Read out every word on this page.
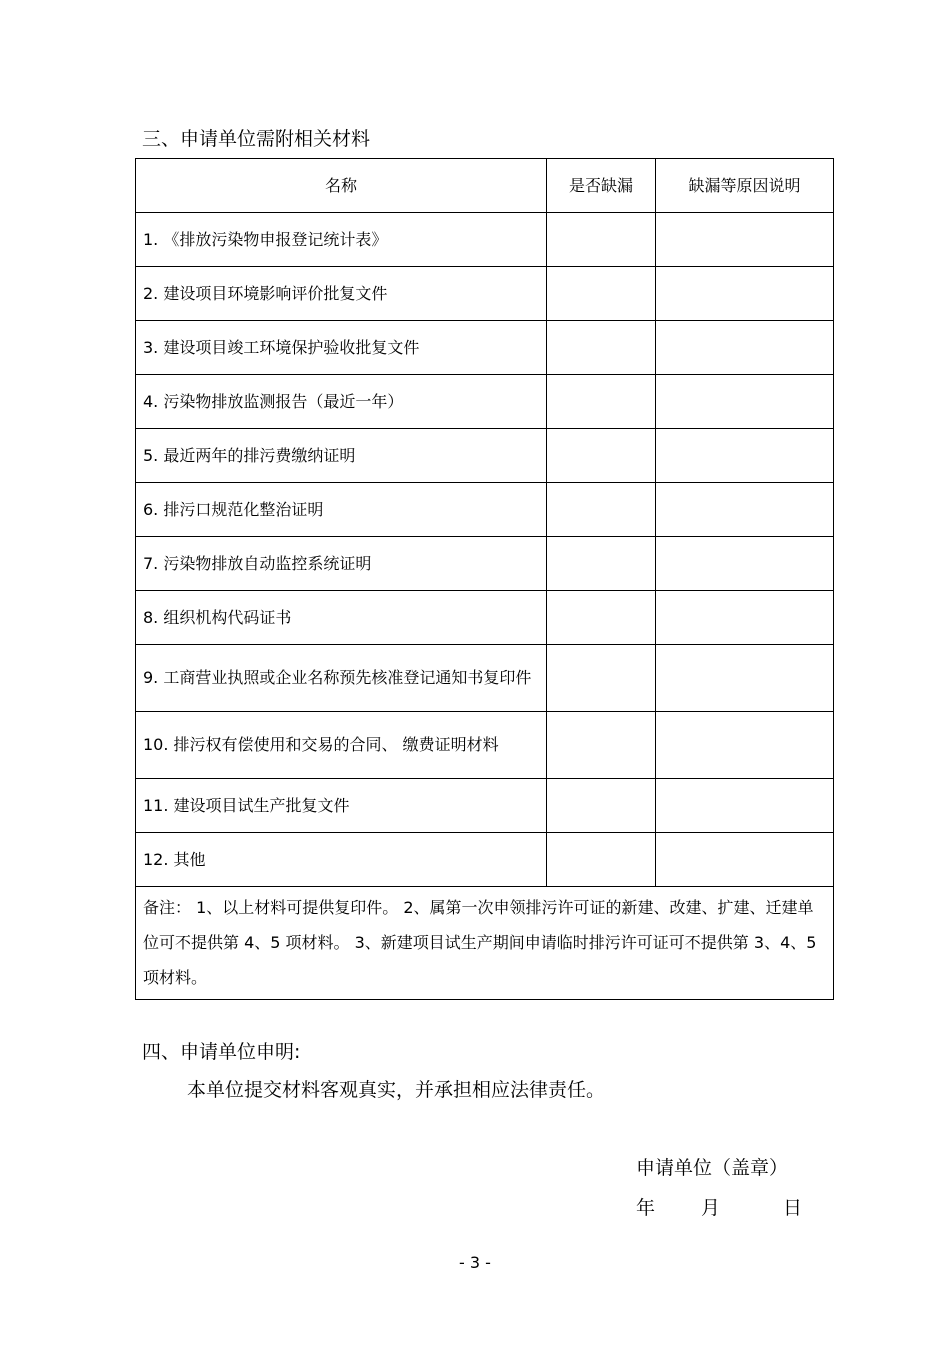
三、申请单位需附相关材料
名称	是否缺漏	缺漏等原因说明
1. 《排放污染物申报登记统计表》		
2. 建设项目环境影响评价批复文件		
3. 建设项目竣工环境保护验收批复文件		
4. 污染物排放监测报告（最近一年）		
5. 最近两年的排污费缴纳证明		
6. 排污口规范化整治证明		
7. 污染物排放自动监控系统证明		
8. 组织机构代码证书		
9. 工商营业执照或企业名称预先核准登记通知书复印件		
10. 排污权有偿使用和交易的合同、 缴费证明材料		
11. 建设项目试生产批复文件		
12. 其他		
备注： 1、以上材料可提供复印件。 2、属第一次申领排污许可证的新建、改建、扩建、迁建单位可不提供第 4、5 项材料。 3、新建项目试生产期间申请临时排污许可证可不提供第 3、4、5 项材料。		
四、申请单位申明:
本单位提交材料客观真实，并承担相应法律责任。
申请单位（盖章）
年 月	日
- 3 -
